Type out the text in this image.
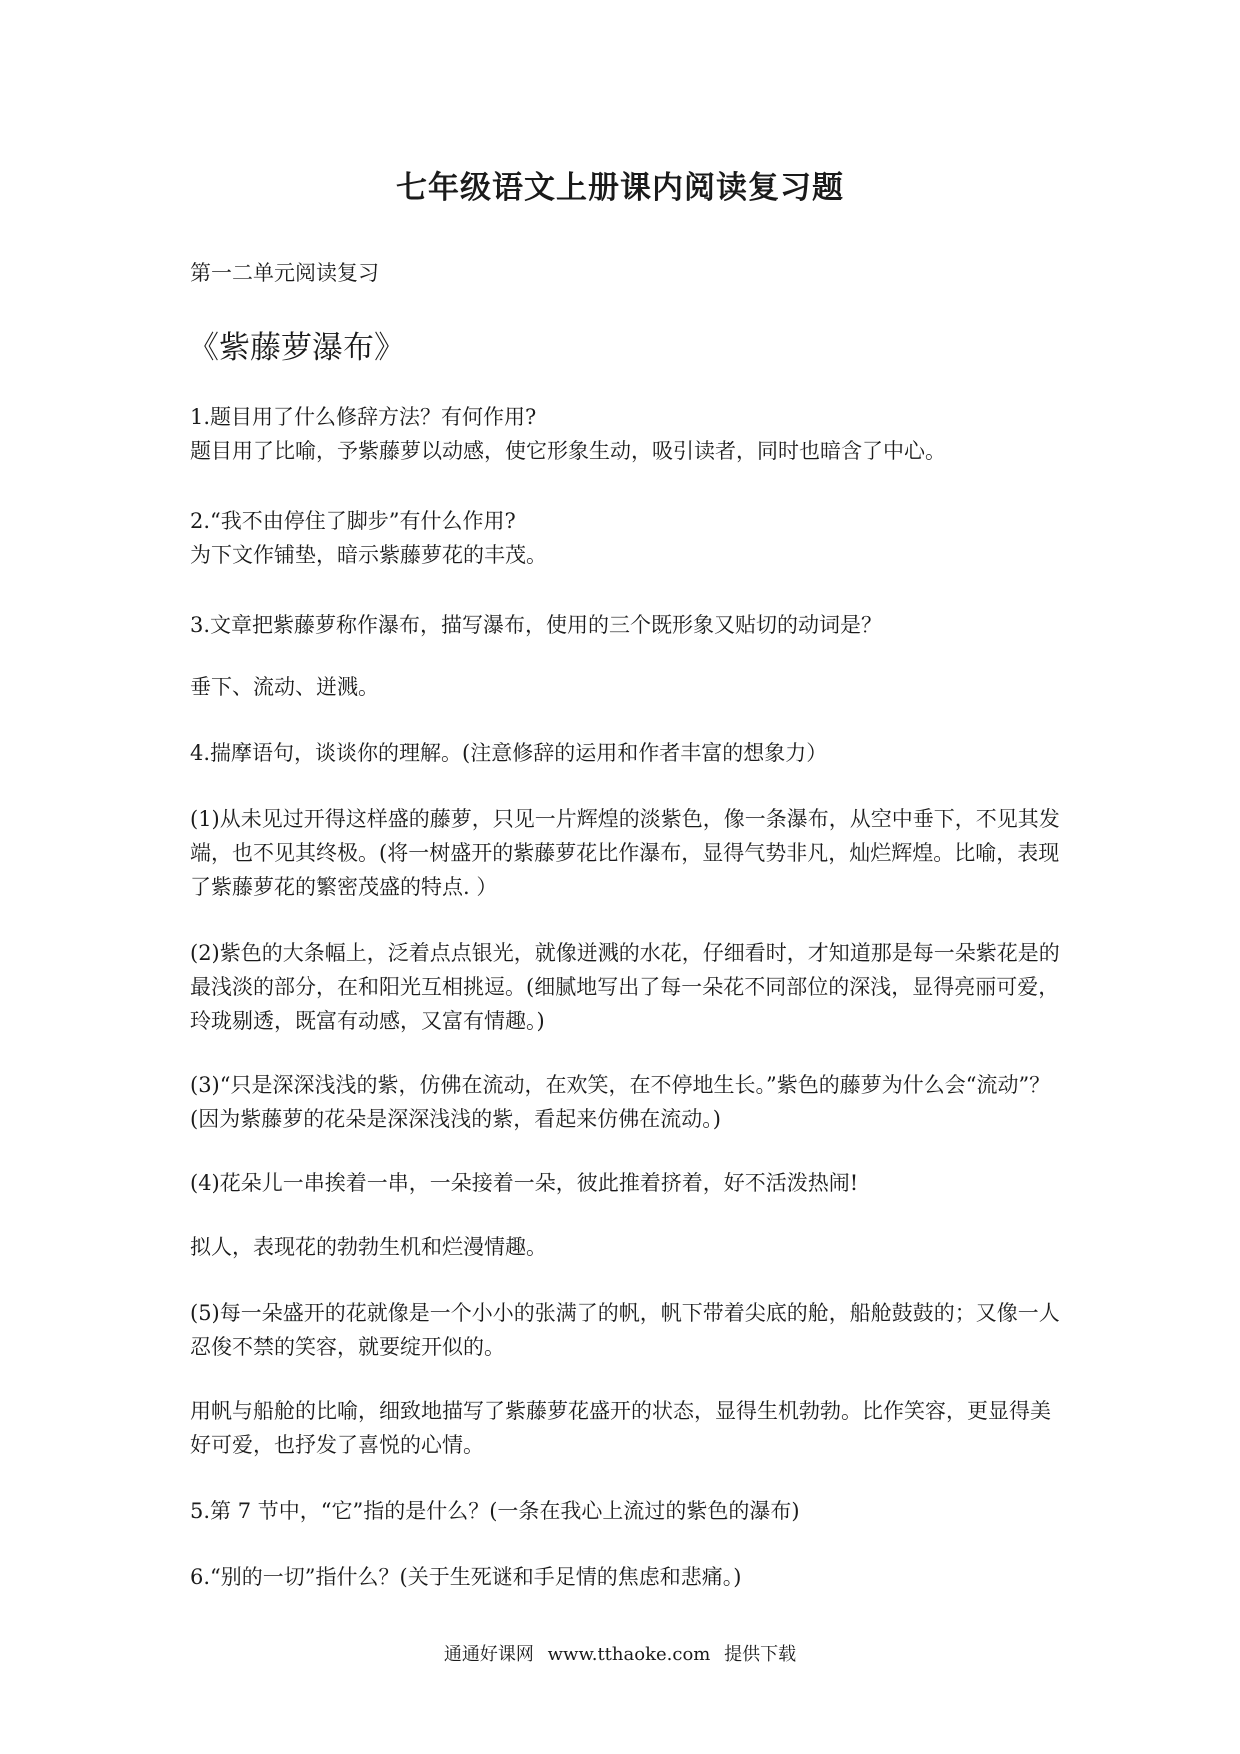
七年级语文上册课内阅读复习题
第一二单元阅读复习
《紫藤萝瀑布》
1.题目用了什么修辞方法？有何作用?
题目用了比喻，予紫藤萝以动感，使它形象生动，吸引读者，同时也暗含了中心。
2.“我不由停住了脚步”有什么作用?
为下文作铺垫，暗示紫藤萝花的丰茂。
3.文章把紫藤萝称作瀑布，描写瀑布，使用的三个既形象又贴切的动词是？
垂下、流动、迸溅。
4.揣摩语句，谈谈你的理解。(注意修辞的运用和作者丰富的想象力）
(1)从未见过开得这样盛的藤萝，只见一片辉煌的淡紫色，像一条瀑布，从空中垂下，不见其发端，也不见其终极。(将一树盛开的紫藤萝花比作瀑布，显得气势非凡，灿烂辉煌。比喻，表现了紫藤萝花的繁密茂盛的特点. ）
(2)紫色的大条幅上，泛着点点银光，就像迸溅的水花，仔细看时，才知道那是每一朵紫花是的最浅淡的部分，在和阳光互相挑逗。(细腻地写出了每一朵花不同部位的深浅，显得亮丽可爱，玲珑剔透，既富有动感，又富有情趣。)
(3)“只是深深浅浅的紫，仿佛在流动，在欢笑，在不停地生长。”紫色的藤萝为什么会“流动”？(因为紫藤萝的花朵是深深浅浅的紫，看起来仿佛在流动。)
(4)花朵儿一串挨着一串，一朵接着一朵，彼此推着挤着，好不活泼热闹!
拟人，表现花的勃勃生机和烂漫情趣。
(5)每一朵盛开的花就像是一个小小的张满了的帆，帆下带着尖底的舱，船舱鼓鼓的；又像一人忍俊不禁的笑容，就要绽开似的。
用帆与船舱的比喻，细致地描写了紫藤萝花盛开的状态，显得生机勃勃。比作笑容，更显得美好可爱，也抒发了喜悦的心情。
5.第 7 节中，“它”指的是什么？(一条在我心上流过的紫色的瀑布)
6.“别的一切”指什么？(关于生死谜和手足情的焦虑和悲痛。)
通通好课网 www.tthaoke.com 提供下载
